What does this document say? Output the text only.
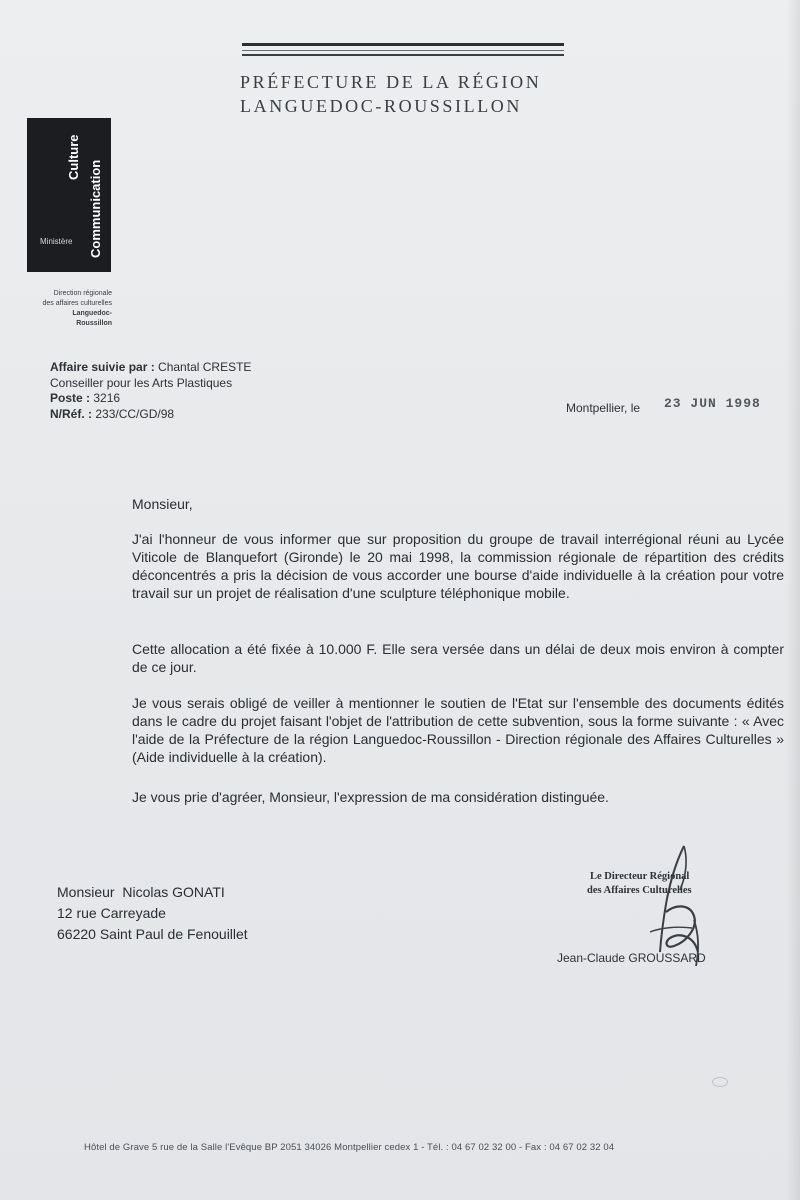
PRÉFECTURE DE LA RÉGION
LANGUEDOC-ROUSSILLON
Culture
Communication
Ministère
Direction régionale
des affaires culturelles
Languedoc-
Roussillon
Affaire suivie par : Chantal CRESTE
Conseiller pour les Arts Plastiques
Poste : 3216
N/Réf. : 233/CC/GD/98	Montpellier, le 23 JUN 1998
Monsieur,
J'ai l'honneur de vous informer que sur proposition du groupe de travail interrégional réuni au Lycée Viticole de Blanquefort (Gironde) le 20 mai 1998, la commission régionale de répartition des crédits déconcentrés a pris la décision de vous accorder une bourse d'aide individuelle à la création pour votre travail sur un projet de réalisation d'une sculpture téléphonique mobile.
Cette allocation a été fixée à 10.000 F. Elle sera versée dans un délai de deux mois environ à compter de ce jour.
Je vous serais obligé de veiller à mentionner le soutien de l'Etat sur l'ensemble des documents édités dans le cadre du projet faisant l'objet de l'attribution de cette subvention, sous la forme suivante : « Avec l'aide de la Préfecture de la région Languedoc-Roussillon - Direction régionale des Affaires Culturelles » (Aide individuelle à la création).
Je vous prie d'agréer, Monsieur, l'expression de ma considération distinguée.
Monsieur  Nicolas GONATI
12 rue Carreyade
66220 Saint Paul de Fenouillet
Le Directeur Régional
des Affaires Culturelles
Jean-Claude GROUSSARD
Hôtel de Grave 5 rue de la Salle l'Evêque BP 2051 34026 Montpellier cedex 1 - Tél. : 04 67 02 32 00 - Fax : 04 67 02 32 04
